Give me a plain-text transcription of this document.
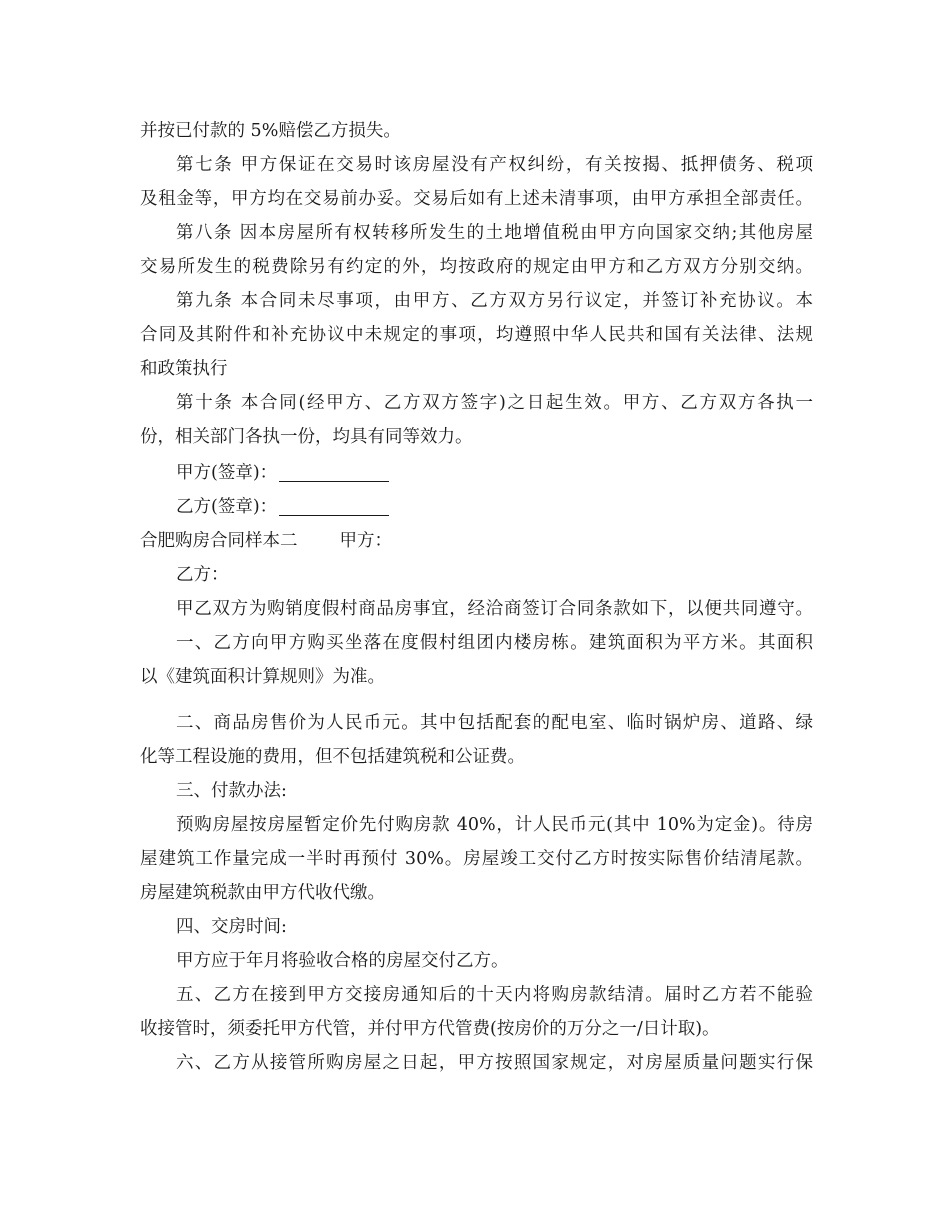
并按已付款的 5%赔偿乙方损失。
第七条 甲方保证在交易时该房屋没有产权纠纷，有关按揭、抵押债务、税项
及租金等，甲方均在交易前办妥。交易后如有上述未清事项，由甲方承担全部责任。
第八条 因本房屋所有权转移所发生的土地增值税由甲方向国家交纳;其他房屋
交易所发生的税费除另有约定的外，均按政府的规定由甲方和乙方双方分别交纳。
第九条 本合同未尽事项，由甲方、乙方双方另行议定，并签订补充协议。本
合同及其附件和补充协议中未规定的事项，均遵照中华人民共和国有关法律、法规
和政策执行
第十条 本合同(经甲方、乙方双方签字)之日起生效。甲方、乙方双方各执一
份，相关部门各执一份，均具有同等效力。
甲方(签章)：
乙方(签章)：
合肥购房合同样本二 甲方：
乙方：
甲乙双方为购销度假村商品房事宜，经洽商签订合同条款如下，以便共同遵守。
一、乙方向甲方购买坐落在度假村组团内楼房栋。建筑面积为平方米。其面积
以《建筑面积计算规则》为准。
二、商品房售价为人民币元。其中包括配套的配电室、临时锅炉房、道路、绿
化等工程设施的费用，但不包括建筑税和公证费。
三、付款办法:
预购房屋按房屋暂定价先付购房款 40%，计人民币元(其中 10%为定金)。待房
屋建筑工作量完成一半时再预付 30%。房屋竣工交付乙方时按实际售价结清尾款。
房屋建筑税款由甲方代收代缴。
四、交房时间:
甲方应于年月将验收合格的房屋交付乙方。
五、乙方在接到甲方交接房通知后的十天内将购房款结清。届时乙方若不能验
收接管时，须委托甲方代管，并付甲方代管费(按房价的万分之一/日计取)。
六、乙方从接管所购房屋之日起，甲方按照国家规定，对房屋质量问题实行保
